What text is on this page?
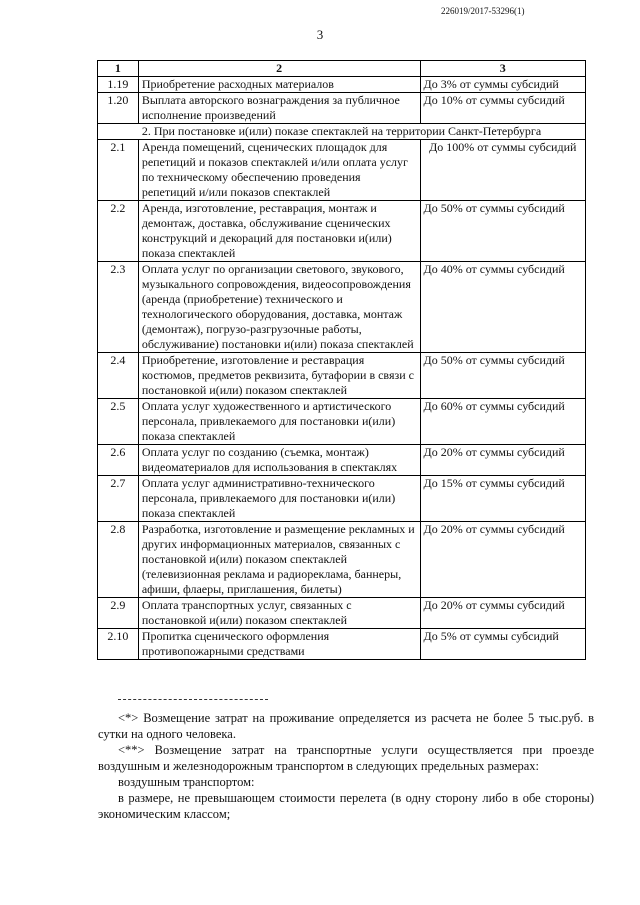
226019/2017-53296(1)
3
1	2	3
1.19	Приобретение расходных материалов	До 3% от суммы субсидий
1.20	Выплата авторского вознаграждения за публичное исполнение произведений	До 10% от суммы субсидий
2. При постановке и(или) показе спектаклей на территории Санкт-Петербурга		
2.1	Аренда помещений, сценических площадок для репетиций и показов спектаклей и/или оплата услуг по техническому обеспечению проведения репетиций и/или показов спектаклей	До 100% от суммы субсидий
2.2	Аренда, изготовление, реставрация, монтаж и демонтаж, доставка, обслуживание сценических конструкций и декораций для постановки и(или) показа спектаклей	До 50% от суммы субсидий
2.3	Оплата услуг по организации светового, звукового, музыкального сопровождения, видеосопровождения (аренда (приобретение) технического и технологического оборудования, доставка, монтаж (демонтаж), погрузо-разгрузочные работы, обслуживание) постановки и(или) показа спектаклей	До 40% от суммы субсидий
2.4	Приобретение, изготовление и реставрация костюмов, предметов реквизита, бутафории в связи с постановкой и(или) показом спектаклей	До 50% от суммы субсидий
2.5	Оплата услуг художественного и артистического персонала, привлекаемого для постановки и(или) показа спектаклей	До 60% от суммы субсидий
2.6	Оплата услуг по созданию (съемка, монтаж) видеоматериалов для использования в спектаклях	До 20% от суммы субсидий
2.7	Оплата услуг административно-технического персонала, привлекаемого для постановки и(или) показа спектаклей	До 15% от суммы субсидий
2.8	Разработка, изготовление и размещение рекламных и других информационных материалов, связанных с постановкой и(или) показом спектаклей (телевизионная реклама и радиореклама, баннеры, афиши, флаеры, приглашения, билеты)	До 20% от суммы субсидий
2.9	Оплата транспортных услуг, связанных с постановкой и(или) показом спектаклей	До 20% от суммы субсидий
2.10	Пропитка сценического оформления противопожарными средствами	До 5% от суммы субсидий

<*> Возмещение затрат на проживание определяется из расчета не более 5 тыс.руб. в сутки на одного человека.

<**> Возмещение затрат на транспортные услуги осуществляется при проезде воздушным и железнодорожным транспортом в следующих предельных размерах:

воздушным транспортом:

в размере, не превышающем стоимости перелета (в одну сторону либо в обе стороны) экономическим классом;
